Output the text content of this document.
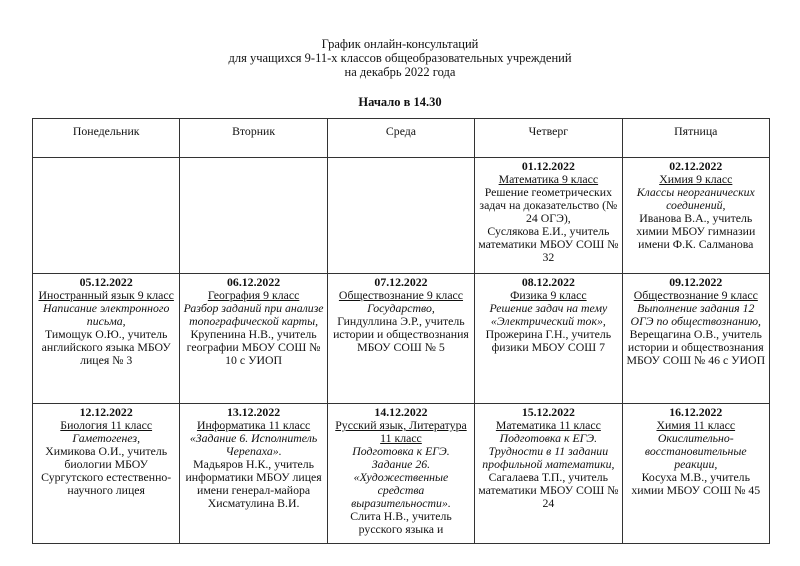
График онлайн-консультаций
для учащихся 9-11-х классов общеобразовательных учреждений
на декабрь 2022 года
Начало в 14.30
Понедельник	Вторник	Среда	Четверг	Пятница

			01.12.2022
Математика 9 класс
Решение геометрических задач на доказательство (№ 24 ОГЭ),
Суслякова Е.И., учитель математики МБОУ СОШ № 32	02.12.2022
Химия 9 класс
Классы неорганических соединений,
Иванова В.А., учитель химии МБОУ гимназии имени Ф.К. Салманова

05.12.2022
Иностранный язык 9 класс
Написание электронного письма,
Тимощук О.Ю., учитель английского языка МБОУ лицея № 3	06.12.2022
География 9 класс
Разбор заданий при анализе топографической карты,
Крупенина Н.В., учитель географии МБОУ СОШ № 10 с УИОП	07.12.2022
Обществознание 9 класс
Государство,
Гиндуллина Э.Р., учитель истории и обществознания МБОУ СОШ № 5	08.12.2022
Физика 9 класс
Решение задач на тему «Электрический ток»,
Прожерина Г.Н., учитель физики МБОУ СОШ 7	09.12.2022
Обществознание 9 класс
Выполнение задания 12 ОГЭ по обществознанию,
Верещагина О.В., учитель истории и обществознания МБОУ СОШ № 46 с УИОП

12.12.2022
Биология 11 класс
Гаметогенез,
Химикова О.И., учитель биологии МБОУ Сургутского естественно-научного лицея	13.12.2022
Информатика 11 класс
«Задание 6. Исполнитель Черепаха».
Мадьяров Н.К., учитель информатики МБОУ лицея имени генерал-майора Хисматулина В.И.	14.12.2022
Русский язык, Литература 11 класс
Подготовка к ЕГЭ. Задание 26. «Художественные средства выразительности».
Слита Н.В., учитель русского языка и	15.12.2022
Математика 11 класс
Подготовка к ЕГЭ. Трудности в 11 задании профильной математики,
Сагалаева Т.П., учитель математики МБОУ СОШ № 24	16.12.2022
Химия 11 класс
Окислительно-восстановительные реакции,
Косуха М.В., учитель химии МБОУ СОШ № 45
